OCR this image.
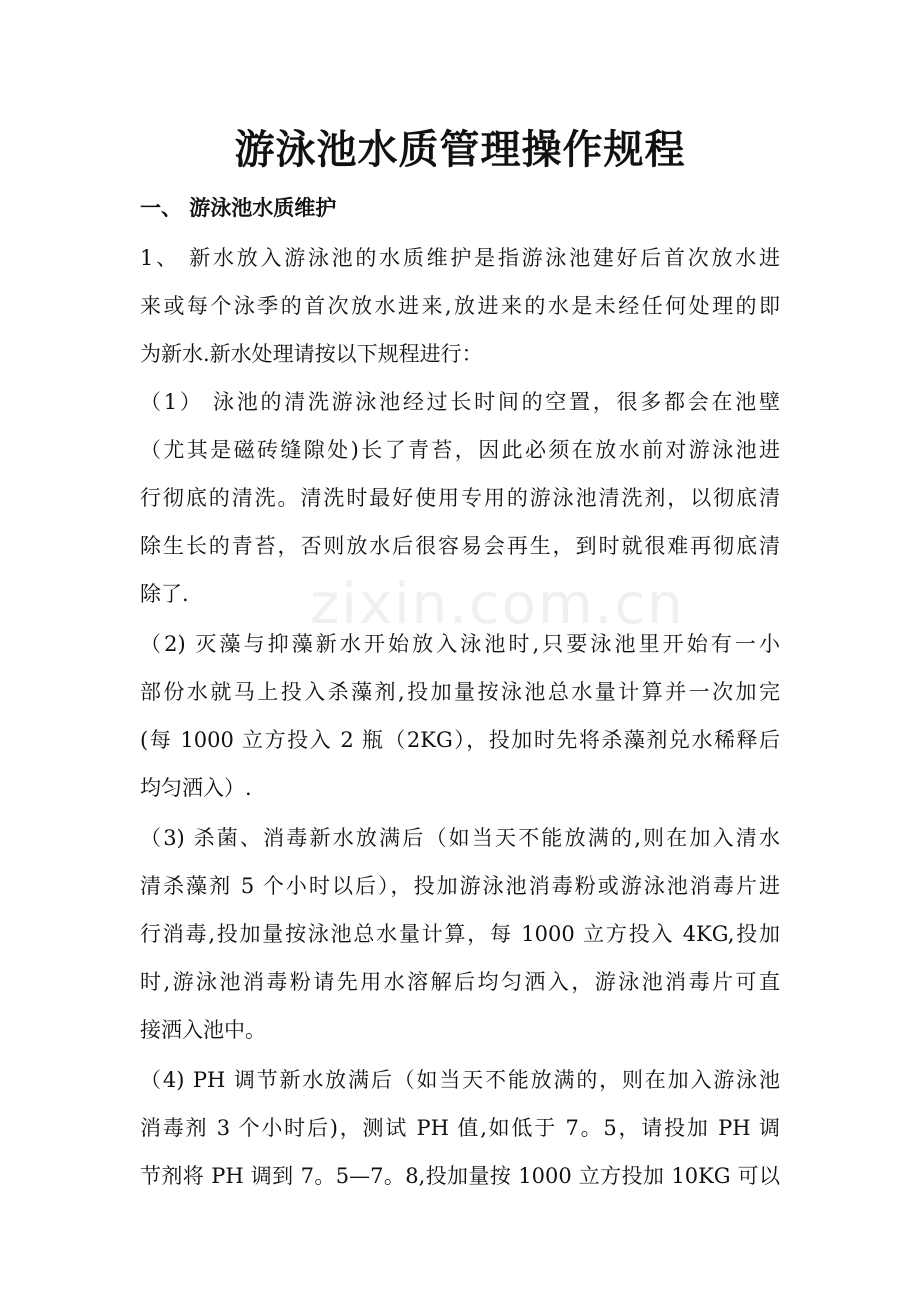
zixin.com.cn
游泳池水质管理操作规程
一、 游泳池水质维护
1、 新水放入游泳池的水质维护是指游泳池建好后首次放水进
来或每个泳季的首次放水进来,放进来的水是未经任何处理的即
为新水.新水处理请按以下规程进行：
（1） 泳池的清洗游泳池经过长时间的空置，很多都会在池壁
（尤其是磁砖缝隙处)长了青苔，因此必须在放水前对游泳池进
行彻底的清洗。清洗时最好使用专用的游泳池清洗剂，以彻底清
除生长的青苔，否则放水后很容易会再生，到时就很难再彻底清
除了.
（2) 灭藻与抑藻新水开始放入泳池时,只要泳池里开始有一小
部份水就马上投入杀藻剂,投加量按泳池总水量计算并一次加完
(每 1000 立方投入 2 瓶（2KG），投加时先将杀藻剂兑水稀释后
均匀洒入）.
（3) 杀菌、消毒新水放满后（如当天不能放满的,则在加入清水
清杀藻剂 5 个小时以后），投加游泳池消毒粉或游泳池消毒片进
行消毒,投加量按泳池总水量计算，每 1000 立方投入 4KG,投加
时,游泳池消毒粉请先用水溶解后均匀洒入，游泳池消毒片可直
接洒入池中。
（4) PH 调节新水放满后（如当天不能放满的，则在加入游泳池
消毒剂 3 个小时后)，测试 PH 值,如低于 7。5，请投加 PH 调
节剂将 PH 调到 7。5—7。8,投加量按 1000 立方投加 10KG 可以
